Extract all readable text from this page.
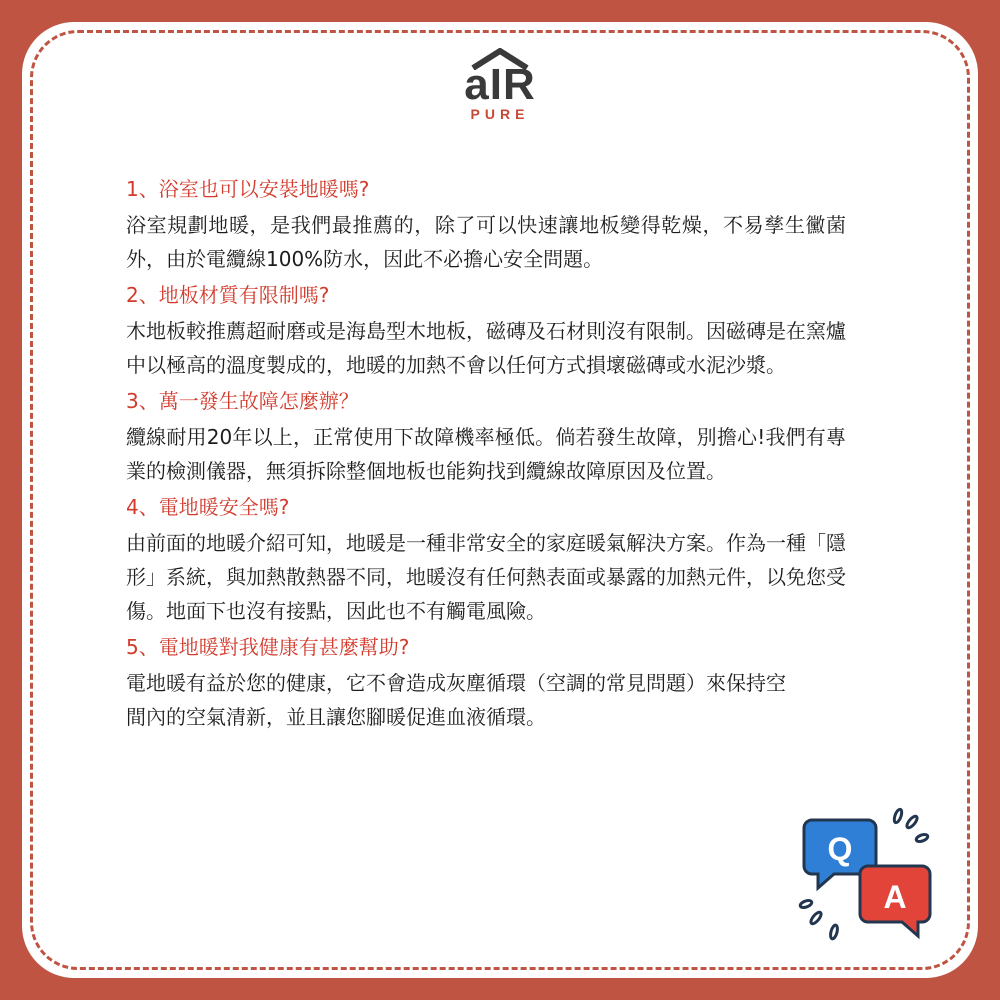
aIR
PURE

1、浴室也可以安裝地暖嗎?

浴室規劃地暖，是我們最推薦的，除了可以快速讓地板變得乾燥，不易孳生黴菌外，由於電纜線100%防水，因此不必擔心安全問題。

2、地板材質有限制嗎?

木地板較推薦超耐磨或是海島型木地板，磁磚及石材則沒有限制。因磁磚是在窯爐中以極高的溫度製成的，地暖的加熱不會以任何方式損壞磁磚或水泥沙漿。

3、萬一發生故障怎麼辦？

纜線耐用20年以上，正常使用下故障機率極低。倘若發生故障，別擔心!我們有專業的檢測儀器，無須拆除整個地板也能夠找到纜線故障原因及位置。

4、電地暖安全嗎?

由前面的地暖介紹可知，地暖是一種非常安全的家庭暖氣解決方案。作為一種「隱形」系統，與加熱散熱器不同，地暖沒有任何熱表面或暴露的加熱元件，以免您受傷。地面下也沒有接點，因此也不有觸電風險。

5、電地暖對我健康有甚麼幫助?

電地暖有益於您的健康，它不會造成灰塵循環（空調的常見問題）來保持空間內的空氣清新，並且讓您腳暖促進血液循環。

Q
A
